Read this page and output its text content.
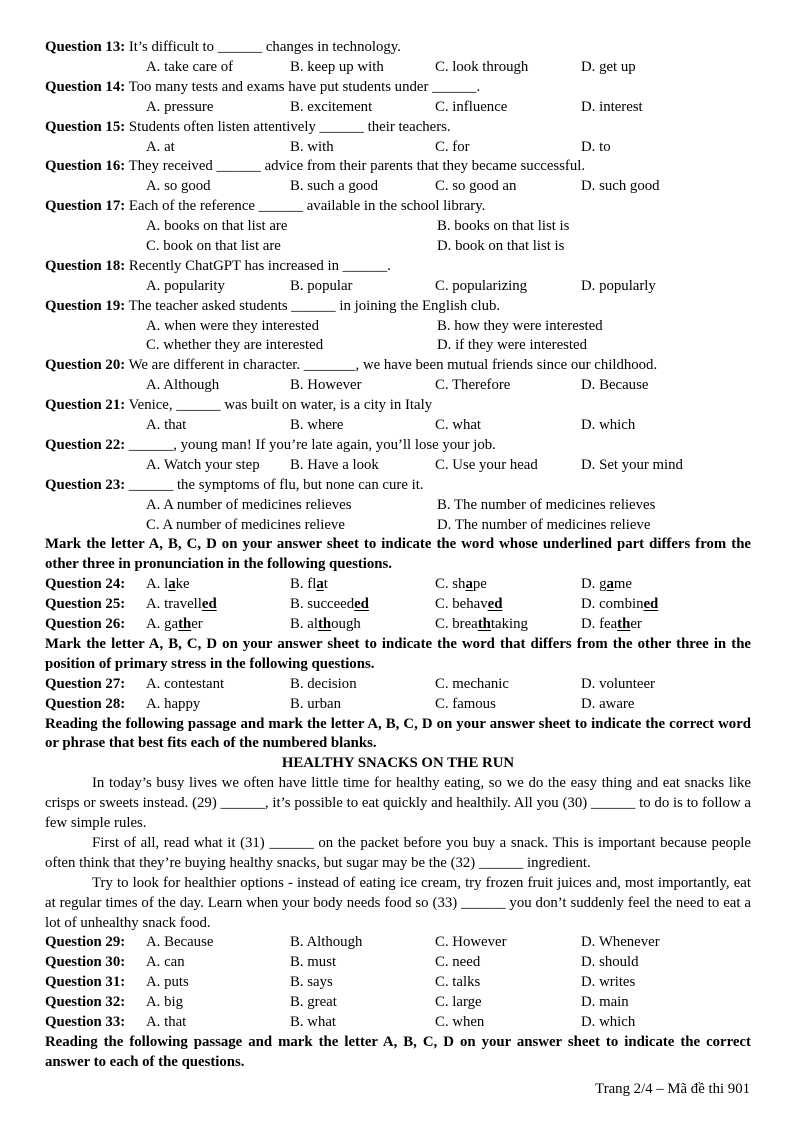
Question 13: It’s difficult to ______ changes in technology.
A. take care of	B. keep up with	C. look through	D. get up
Question 14: Too many tests and exams have put students under ______.
A. pressure	B. excitement	C. influence	D. interest
Question 15: Students often listen attentively ______ their teachers.
A. at	B. with	C. for	D. to
Question 16: They received ______ advice from their parents that they became successful.
A. so good	B. such a good	C. so good an	D. such good
Question 17: Each of the reference ______ available in the school library.
A. books on that list are	B. books on that list is
C. book on that list are	D. book on that list is
Question 18: Recently ChatGPT has increased in ______.
A. popularity	B. popular	C. popularizing	D. popularly
Question 19: The teacher asked students ______ in joining the English club.
A. when were they interested	B. how they were interested
C. whether they are interested	D. if they were interested
Question 20: We are different in character. _______, we have been mutual friends since our childhood.
A. Although	B. However	C. Therefore	D. Because
Question 21: Venice, ______ was built on water, is a city in Italy
A. that	B. where	C. what	D. which
Question 22: ______, young man! If you’re late again, you’ll lose your job.
A. Watch your step B. Have a look	C. Use your head	D. Set your mind
Question 23: ______ the symptoms of flu, but none can cure it.
A. A number of medicines relieves	B. The number of medicines relieves
C. A number of medicines relieve	D. The number of medicines relieve
Mark the letter A, B, C, D on your answer sheet to indicate the word whose underlined part differs from the other three in pronunciation in the following questions.
Question 24: A. lake	B. flat	C. shape	D. game
Question 25: A. travelled	B. succeeded	C. behaved	D. combined
Question 26: A. gather	B. although	C. breathtaking	D. feather
Mark the letter A, B, C, D on your answer sheet to indicate the word that differs from the other three in the position of primary stress in the following questions.
Question 27: A. contestant	B. decision	C. mechanic	D. volunteer
Question 28: A. happy	B. urban	C. famous	D. aware
Reading the following passage and mark the letter A, B, C, D on your answer sheet to indicate the correct word or phrase that best fits each of the numbered blanks.
HEALTHY SNACKS ON THE RUN
In today’s busy lives we often have little time for healthy eating, so we do the easy thing and eat snacks like crisps or sweets instead. (29) ______, it’s possible to eat quickly and healthily. All you (30) ______ to do is to follow a few simple rules.
First of all, read what it (31) ______ on the packet before you buy a snack. This is important because people often think that they’re buying healthy snacks, but sugar may be the (32) ______ ingredient.
Try to look for healthier options - instead of eating ice cream, try frozen fruit juices and, most importantly, eat at regular times of the day. Learn when your body needs food so (33) ______ you don’t suddenly feel the need to eat a lot of unhealthy snack food.
Question 29: A. Because	B. Although	C. However	D. Whenever
Question 30: A. can	B. must	C. need	D. should
Question 31: A. puts	B. says	C. talks	D. writes
Question 32: A. big	B. great	C. large	D. main
Question 33: A. that	B. what	C. when	D. which
Reading the following passage and mark the letter A, B, C, D on your answer sheet to indicate the correct answer to each of the questions.
Trang 2/4 – Mã đề thi 901
